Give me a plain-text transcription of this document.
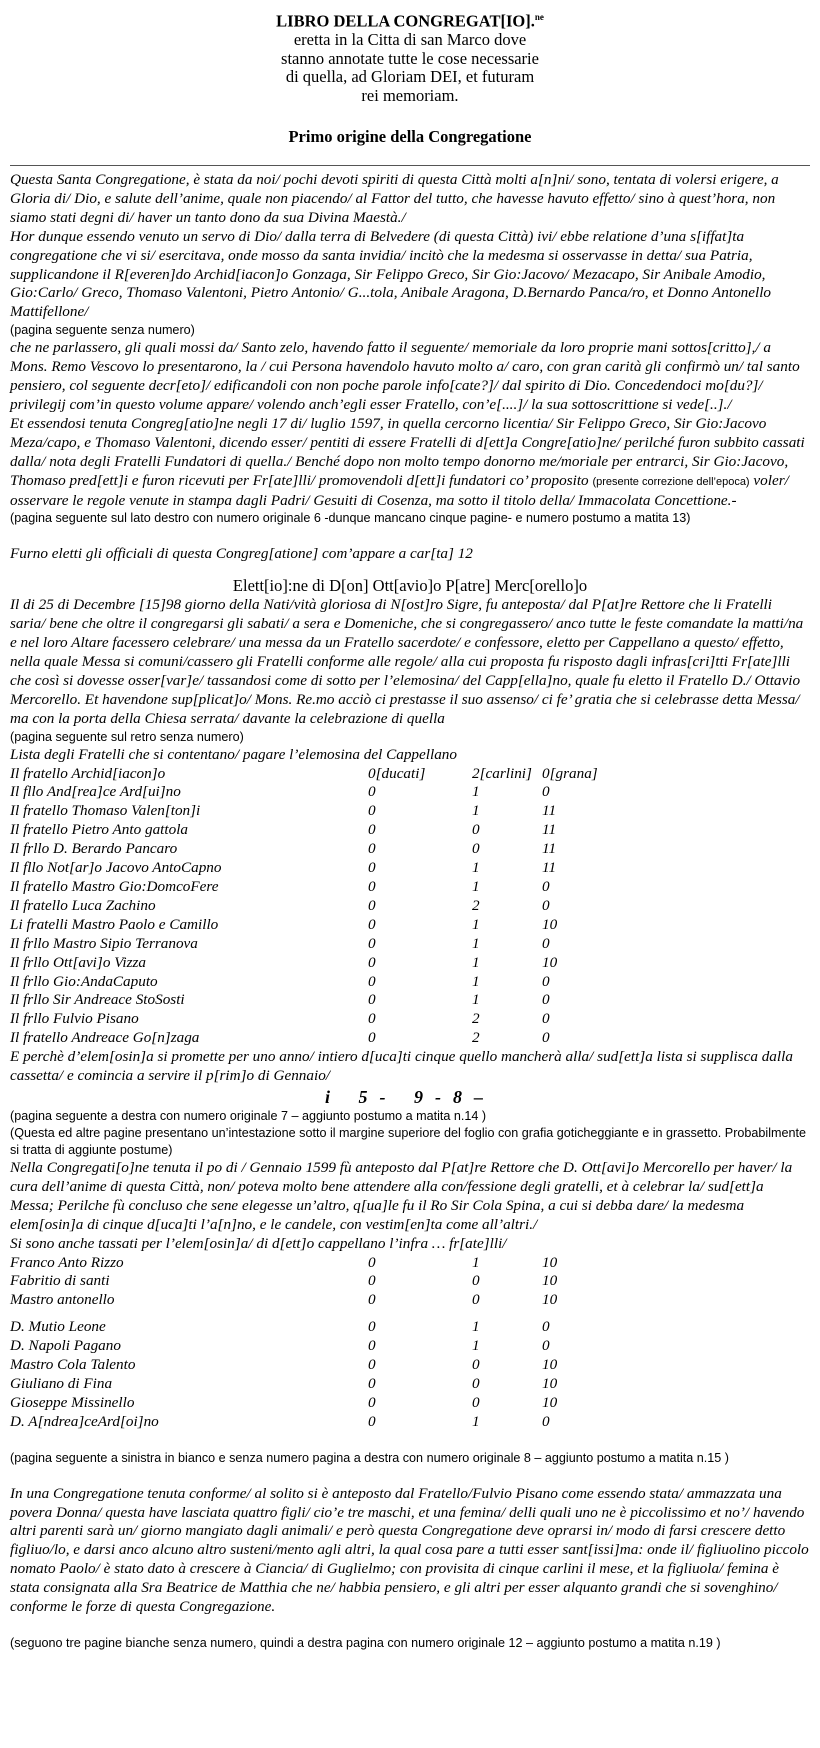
LIBRO DELLA CONGREGAT[IO].$^{ne}$
eretta in la Citta di san Marco dove
stanno annotate tutte le cose necessarie
di quella, ad Gloriam DEI, et futuram
rei memoriam.
Primo origine della Congregatione
Questa Santa Congregatione, è stata da noi/ pochi devoti spiriti di questa Città molti a[n]ni/ sono, tentata di volersi erigere, a Gloria di/ Dio, e salute dell’anime, quale non piacendo/ al Fattor del tutto, che havesse havuto effetto/ sino à quest’hora, non siamo stati degni di/ haver un tanto dono da sua Divina Maestà./
Hor dunque essendo venuto un servo di Dio/ dalla terra di Belvedere (di questa Città) ivi/ ebbe relatione d’una s[iffat]ta congregatione che vi si/ esercitava, onde mosso da santa invidia/ incitò che la medesma si osservasse in detta/ sua Patria, supplicandone il R[everen]do Archid[iacon]o Gonzaga, Sir Felippo Greco, Sir Gio:Jacovo/ Mezacapo, Sir Anibale Amodio, Gio:Carlo/ Greco, Thomaso Valentoni, Pietro Antonio/ G...tola, Anibale Aragona, D.Bernardo Panca/ro, et Donno Antonello Mattifellone/
(pagina seguente senza numero)
che ne parlassero, gli quali mossi da/ Santo zelo, havendo fatto il seguente/ memoriale da loro proprie mani sottos[critto],/ a Mons. Remo Vescovo lo presentarono, la / cui Persona havendolo havuto molto a/ caro, con gran carità gli confirmò un/ tal santo pensiero, col seguente decr[eto]/ edificandoli con non poche parole info[cate?]/ dal spirito di Dio. Concedendoci mo[du?]/ privilegij com’in questo volume appare/ volendo anch’egli esser Fratello, con’e[....]/ la sua sottoscrittione si vede[..]./
Et essendosi tenuta Congreg[atio]ne negli 17 di/ luglio 1597, in quella cercorno licentia/ Sir Felippo Greco, Sir Gio:Jacovo Meza/capo, e Thomaso Valentoni, dicendo esser/ pentiti di essere Fratelli di d[ett]a Congre[atio]ne/ perilché furon subbito cassati dalla/ nota degli Fratelli Fundatori di quella./ Benché dopo non molto tempo donorno me/moriale per entrarci, Sir Gio:Jacovo, Thomaso pred[ett]i e furon ricevuti per Fr[ate]lli/ promovendoli d[ett]i fundatori co’ proposito (presente correzione dell’epoca) voler/ osservare le regole venute in stampa dagli Padri/ Gesuiti di Cosenza, ma sotto il titolo della/ Immacolata Concettione.-
(pagina seguente sul lato destro con numero originale 6 -dunque mancano cinque pagine- e numero postumo a matita 13)
Furno eletti gli officiali di questa Congreg[atione] com’appare a car[ta] 12
Elett[io]:ne di D[on] Ott[avio]o P[atre] Merc[orello]o
Il di 25 di Decembre [15]98 giorno della Nati/vità gloriosa di N[ost]ro Sigre, fu anteposta/ dal P[at]re Rettore che li Fratelli saria/ bene che oltre il congregarsi gli sabati/ a sera e Domeniche, che si congregassero/ anco tutte le feste comandate la matti/na e nel loro Altare facessero celebrare/ una messa da un Fratello sacerdote/ e confessore, eletto per Cappellano a questo/ effetto, nella quale Messa si comuni/cassero gli Fratelli conforme alle regole/ alla cui proposta fu risposto dagli infras[cri]tti Fr[ate]lli che così si dovesse osser[var]e/ tassandosi come di sotto per l’elemosina/ del Capp[ella]no, quale fu eletto il Fratello D./ Ottavio Mercorello. Et havendone sup[plicat]o/ Mons. Re.mo acciò ci prestasse il suo assenso/ ci fe’ gratia che si celebrasse detta Messa/ ma con la porta della Chiesa serrata/ davante la celebrazione di quella
(pagina seguente sul retro senza numero)
Lista degli Fratelli che si contentano/ pagare l’elemosina del Cappellano
Il fratello Archid[iacon]o	0[ducati]	2[carlini]	0[grana]
Il fllo And[rea]ce Ard[ui]no	0	1	0
Il fratello Thomaso Valen[ton]i	0	1	11
Il fratello Pietro Anto gattola	0	0	11
Il frllo D. Berardo Pancaro	0	0	11
Il fllo Not[ar]o Jacovo AntoCapno	0	1	11
Il fratello Mastro Gio:DomcoFere	0	1	0
Il fratello Luca Zachino	0	2	0
Li fratelli Mastro Paolo e Camillo	0	1	10
Il frllo Mastro Sipio Terranova	0	1	0
Il frllo Ott[avi]o Vizza	0	1	10
Il frllo Gio:AndaCaputo	0	1	0
Il frllo Sir Andreace StoSosti	0	1	0
Il frllo Fulvio Pisano	0	2	0
Il fratello Andreace Go[n]zaga	0	2	0
E perchè d’elem[osin]a si promette per uno anno/ intiero d[uca]ti cinque quello mancherà alla/ sud[ett]a lista si supplisca dalla cassetta/ e comincia a servire il p[rim]o di Gennaio/
i 5- 9-8–
(pagina seguente a destra con numero originale 7 – aggiunto postumo a matita n.14 )
(Questa ed altre pagine presentano un’intestazione sotto il margine superiore del foglio con grafia goticheggiante e in grassetto. Probabilmente si tratta di aggiunte postume)
Nella Congregati[o]ne tenuta il po di / Gennaio 1599 fù anteposto dal P[at]re Rettore che D. Ott[avi]o Mercorello per haver/ la cura dell’anime di questa Città, non/ poteva molto bene attendere alla con/fessione degli gratelli, et à celebrar la/ sud[ett]a Messa; Perilche fù concluso che sene elegesse un’altro, q[ua]le fu il Ro Sir Cola Spina, a cui si debba dare/ la medesma elem[osin]a di cinque d[uca]ti l’a[n]no, e le candele, con vestim[en]ta come all’altri./
Si sono anche tassati per l’elem[osin]a/ di d[ett]o cappellano l’infra … fr[ate]lli/
Franco Anto Rizzo	0	1	10
Fabritio di santi	0	0	10
Mastro antonello	0	0	10
D. Mutio Leone	0	1	0
D. Napoli Pagano	0	1	0
Mastro Cola Talento	0	0	10
Giuliano di Fina	0	0	10
Gioseppe Missinello	0	0	10
D. A[ndrea]ceArd[oi]no	0	1	0
(pagina seguente a sinistra in bianco e senza numero pagina a destra con numero originale 8 – aggiunto postumo a matita n.15 )
In una Congregatione tenuta conforme/ al solito si è anteposto dal Fratello/Fulvio Pisano come essendo stata/ ammazzata una povera Donna/ questa have lasciata quattro figli/ cio’e tre maschi, et una femina/ delli quali uno ne è piccolissimo et no’/ havendo altri parenti sarà un/ giorno mangiato dagli animali/ e però questa Congregatione deve oprarsi in/ modo di farsi crescere detto figliuo/lo, e darsi anco alcuno altro susteni/mento agli altri, la qual cosa pare a tutti esser sant[issi]ma: onde il/ figliuolino piccolo nomato Paolo/ è stato dato à crescere à Ciancia/ di Guglielmo; con provisita di cinque carlini il mese, et la figliuola/ femina è stata consignata alla Sra Beatrice de Matthia che ne/ habbia pensiero, e gli altri per esser alquanto grandi che si sovenghino/ conforme le forze di questa Congregazione.
(seguono tre pagine bianche senza numero, quindi a destra pagina con numero originale 12 – aggiunto postumo a matita n.19 )
